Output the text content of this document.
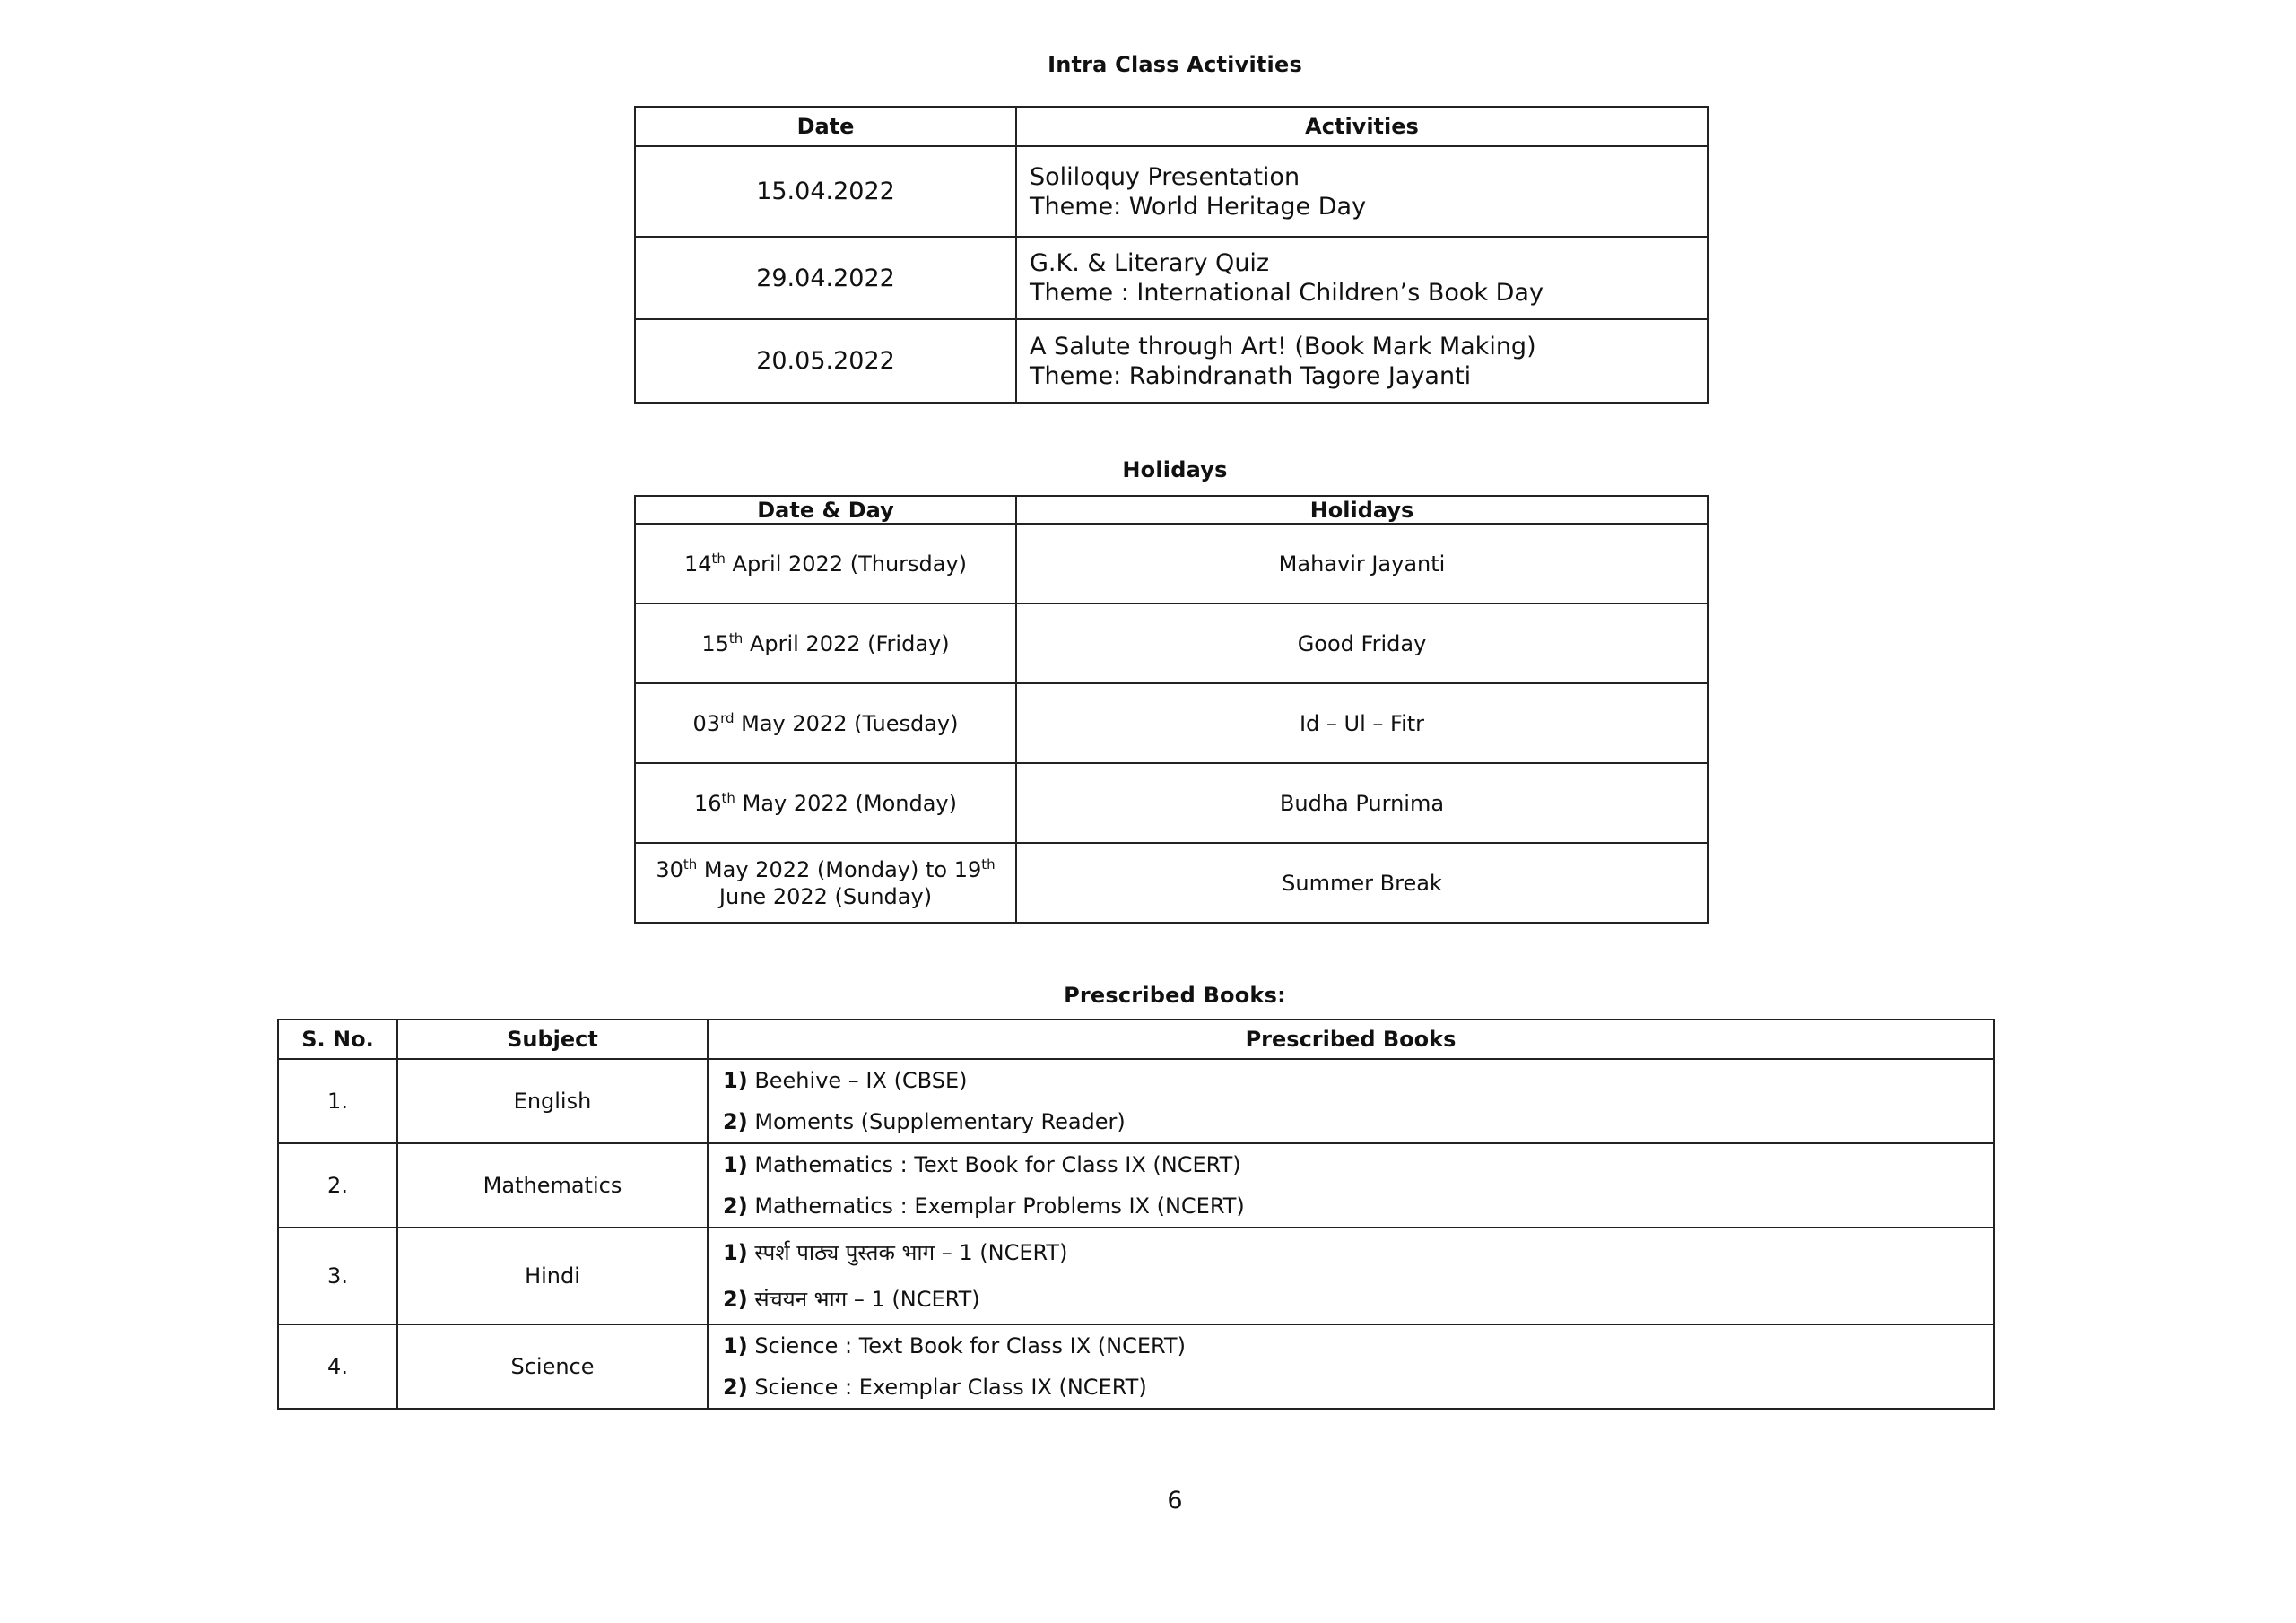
Intra Class Activities
Date	Activities
15.04.2022	Soliloquy Presentation
Theme: World Heritage Day

29.04.2022	G.K. & Literary Quiz
Theme : International Children’s Book Day

20.05.2022	A Salute through Art! (Book Mark Making)
Theme: Rabindranath Tagore Jayanti
Holidays
Date & Day	Holidays
14th April 2022 (Thursday)	Mahavir Jayanti
15th April 2022 (Friday)	Good Friday
03rd May 2022 (Tuesday)	Id – Ul – Fitr
16th May 2022 (Monday)	Budha Purnima

30th May 2022 (Monday) to 19th
June 2022 (Sunday)	Summer Break
Prescribed Books:
S. No.	Subject	Prescribed Books
1.	English	1) Beehive – IX (CBSE)
2) Moments (Supplementary Reader)

2.	Mathematics	1) Mathematics : Text Book for Class IX (NCERT)
2) Mathematics : Exemplar Problems IX (NCERT)

3.	Hindi	1) स्पर्श पाठ्य पुस्तक भाग – 1 (NCERT)
2) संचयन भाग – 1 (NCERT)

4.	Science	1) Science : Text Book for Class IX (NCERT)
2) Science : Exemplar Class IX (NCERT)
6
